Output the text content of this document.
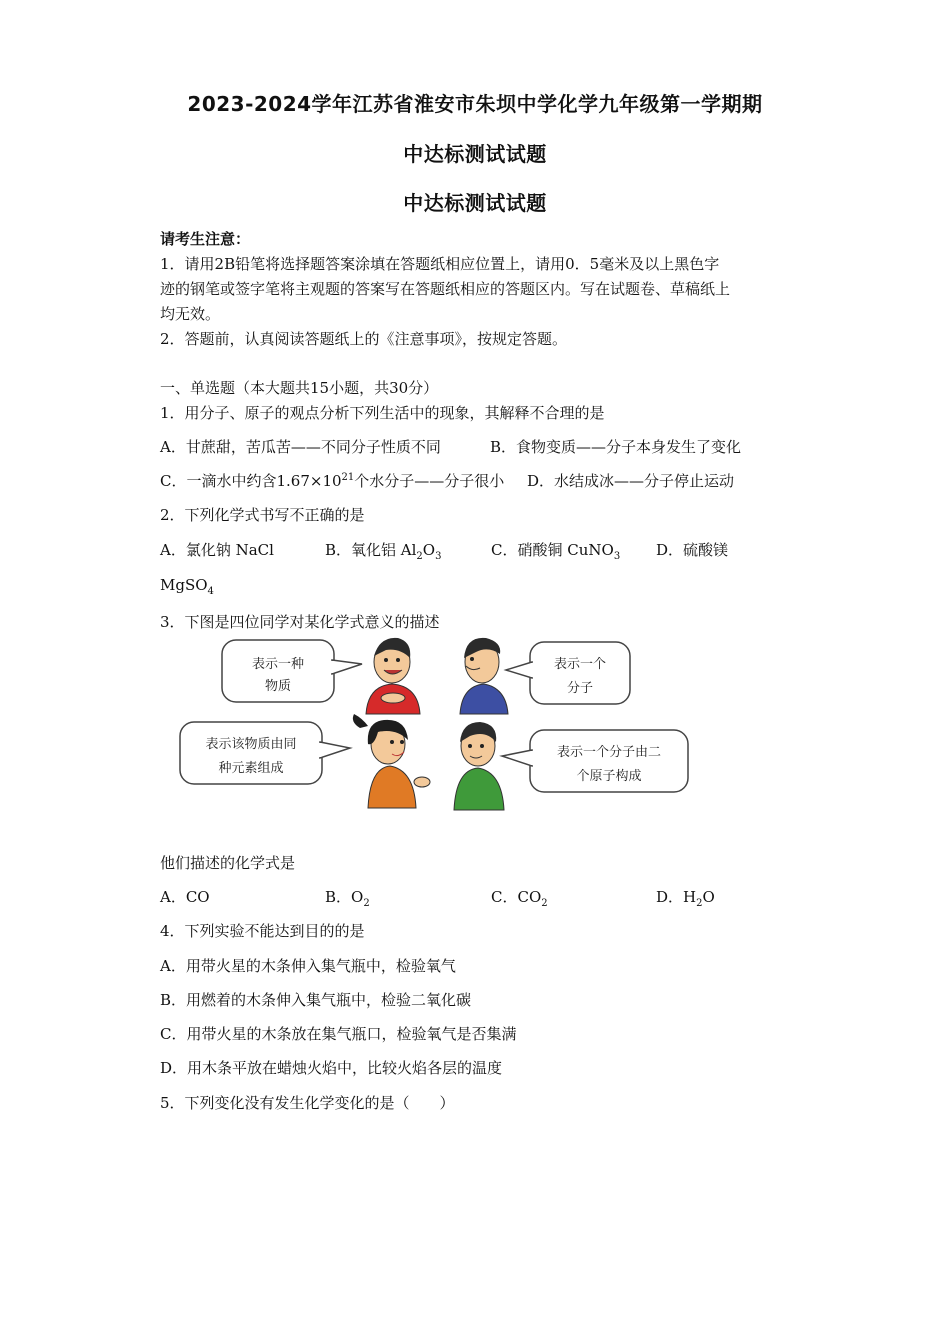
2023-2024学年江苏省淮安市朱坝中学化学九年级第一学期期
中达标测试试题
中达标测试试题
请考生注意：
1．请用2B铅笔将选择题答案涂填在答题纸相应位置上，请用0．5毫米及以上黑色字
迹的钢笔或签字笔将主观题的答案写在答题纸相应的答题区内。写在试题卷、草稿纸上
均无效。
2．答题前，认真阅读答题纸上的《注意事项》，按规定答题。
一、单选题（本大题共15小题，共30分）
1．用分子、原子的观点分析下列生活中的现象，其解释不合理的是
A．甘蔗甜，苦瓜苦——不同分子性质不同	B．食物变质——分子本身发生了变化
C．一滴水中约含$1.67\times 10^{21}$个水分子——分子很小 D．水结成冰——分子停止运动
2．下列化学式书写不正确的是
A．氯化钠 NaCl	B．氧化铝 $Al_2O_3$	C．硝酸铜 CuNO$_3$ D．硫酸镁
MgSO$_4$
3．下图是四位同学对某化学式意义的描述
表示一种
物质
表示一个
分子
表示该物质由同
种元素组成
表示一个分子由二
个原子构成
他们描述的化学式是
A．CO	B．$O_2$	C．$CO_2$	D．$H_2O$
4．下列实验不能达到目的的是
A．用带火星的木条伸入集气瓶中，检验氧气
B．用燃着的木条伸入集气瓶中，检验二氧化碳
C．用带火星的木条放在集气瓶口，检验氧气是否集满
D．用木条平放在蜡烛火焰中，比较火焰各层的温度
5．下列变化没有发生化学变化的是（　　）
